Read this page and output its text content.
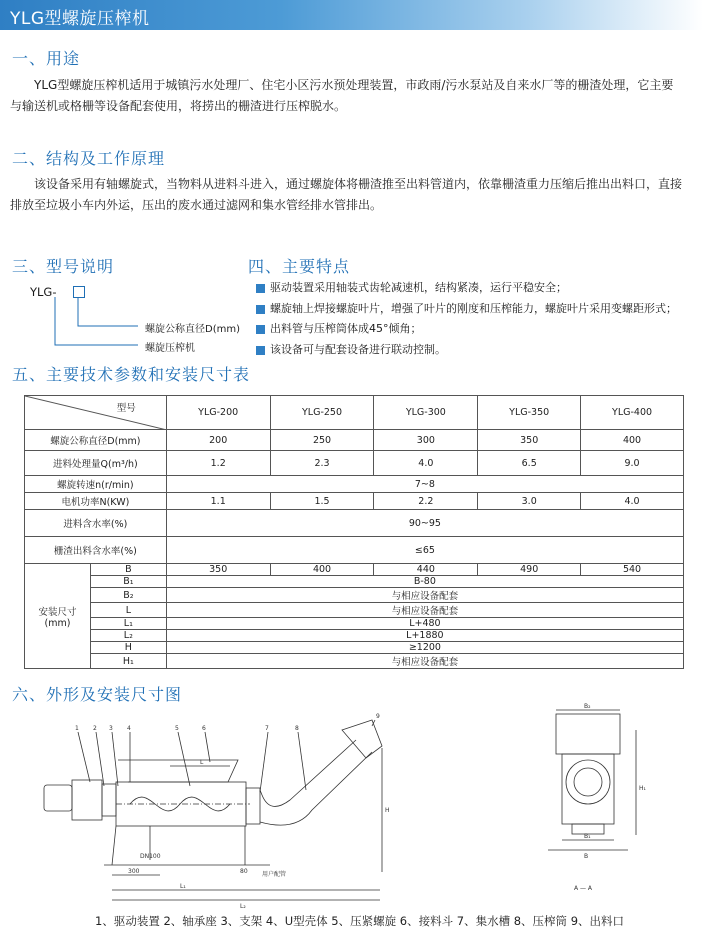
YLG型螺旋压榨机
一、用途
YLG型螺旋压榨机适用于城镇污水处理厂、住宅小区污水预处理装置，市政雨/污水泵站及自来水厂等的栅渣处理，它主要与输送机或格栅等设备配套使用，将捞出的栅渣进行压榨脱水。
二、结构及工作原理
该设备采用有轴螺旋式，当物料从进料斗进入，通过螺旋体将栅渣推至出料管道内，依靠栅渣重力压缩后推出出料口，直接排放至垃圾小车内外运，压出的废水通过滤网和集水管经排水管排出。
三、型号说明
YLG-
螺旋公称直径D(mm)
螺旋压榨机
四、主要特点
驱动装置采用轴装式齿轮减速机，结构紧凑，运行平稳安全；
螺旋轴上焊接螺旋叶片，增强了叶片的刚度和压榨能力，螺旋叶片采用变螺距形式；
出料管与压榨筒体成45°倾角；
该设备可与配套设备进行联动控制。
五、主要技术参数和安装尺寸表
型号		YLG-200	YLG-250	YLG-300	YLG-350	YLG-400
螺旋公称直径D(mm)		200	250	300	350	400
进料处理量Q(m³/h)		1.2	2.3	4.0	6.5	9.0
螺旋转速n(r/min)		7~8				
电机功率N(KW)		1.1	1.5	2.2	3.0	4.0
进料含水率(%)		90~95				
栅渣出料含水率(%)		≤65				

安装尺寸
(mm)	B	350	400	440	490	540
	B₁	B-80				
	B₂	与相应设备配套				
	L	与相应设备配套				
	L₁	L+480				
	L₂	L+1880				
	H	≥1200				
	H₁	与相应设备配套				
六、外形及安装尺寸图
1 2 3 4	5	6	7	8
9
L
H
300	80
DN100
L₁
L₂
用户配管
B₂
B₁
B
H₁
A — A
1、驱动装置 2、轴承座 3、支架 4、U型壳体 5、压紧螺旋 6、接料斗 7、集水槽 8、压榨筒 9、出料口
